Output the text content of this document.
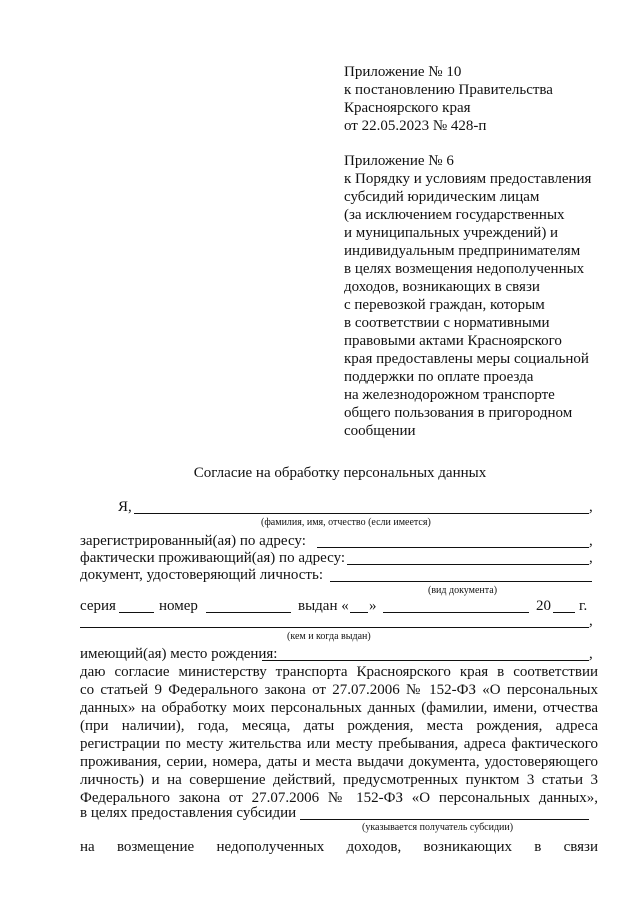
Приложение № 10
к постановлению Правительства
Красноярского края
от 22.05.2023 № 428-п
Приложение № 6
к Порядку и условиям предоставления
субсидий юридическим лицам
(за исключением государственных
и муниципальных учреждений) и
индивидуальным предпринимателям
в целях возмещения недополученных
доходов, возникающих в связи
с перевозкой граждан, которым
в соответствии с нормативными
правовыми актами Красноярского
края предоставлены меры социальной
поддержки по оплате проезда
на железнодорожном транспорте
общего пользования в пригородном
сообщении
Согласие на обработку персональных данных
Я,	,
(фамилия, имя, отчество (если имеется)
зарегистрированный(ая) по адресу:	,
фактически проживающий(ая) по адресу:	,
документ, удостоверяющий личность:
(вид документа)
серия	номер	выдан « »	20 г.
,
(кем и когда выдан)
имеющий(ая) место рождения:	,
даю согласие министерству транспорта Красноярского края в соответствии
со статьей 9 Федерального закона от 27.07.2006 № 152-ФЗ «О персональных
данных» на обработку моих персональных данных (фамилии, имени, отчества
(при наличии), года, месяца, даты рождения, места рождения, адреса
регистрации по месту жительства или месту пребывания, адреса фактического
проживания, серии, номера, даты и места выдачи документа, удостоверяющего
личность) и на совершение действий, предусмотренных пунктом 3 статьи 3
Федерального закона от 27.07.2006 № 152-ФЗ «О персональных данных»,
в целях предоставления субсидии
(указывается получатель субсидии)
на возмещение недополученных доходов, возникающих в связи
